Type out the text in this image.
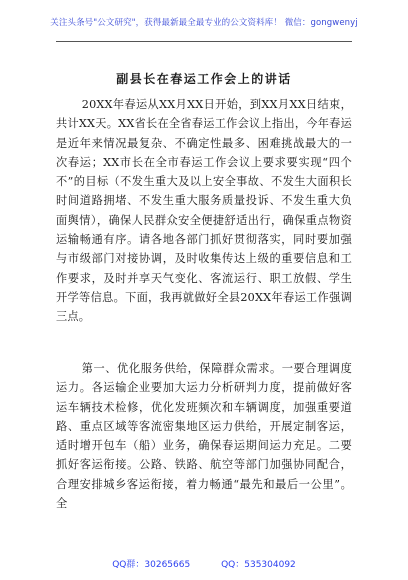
关注头条号"公文研究"，获得最新最全最专业的公文资料库！ 微信：gongwenyj
副县长在春运工作会上的讲话

20XX年春运从XX月XX日开始，到XX月XX日结束，共计XX天。XX省长在全省春运工作会议上指出，今年春运是近年来情况最复杂、不确定性最多、困难挑战最大的一次春运；XX市长在全市春运工作会议上要求要实现“四个不”的目标（不发生重大及以上安全事故、不发生大面积长时间道路拥堵、不发生重大服务质量投诉、不发生重大负面舆情），确保人民群众安全便捷舒适出行，确保重点物资运输畅通有序。请各地各部门抓好贯彻落实，同时要加强与市级部门对接协调，及时收集传达上级的重要信息和工作要求，及时并享天气变化、客流运行、职工放假、学生开学等信息。下面，我再就做好全县20XX年春运工作强调三点。

第一、优化服务供给，保障群众需求。一要合理调度运力。各运输企业要加大运力分析研判力度，提前做好客运车辆技术检修，优化发班频次和车辆调度，加强重要道路、重点区域等客流密集地区运力供给，开展定制客运，适时增开包车（船）业务，确保春运期间运力充足。二要抓好客运衔接。公路、铁路、航空等部门加强协同配合，合理安排城乡客运衔接，着力畅通“最先和最后一公里”。全

QQ群：30265665	QQ：535304092
